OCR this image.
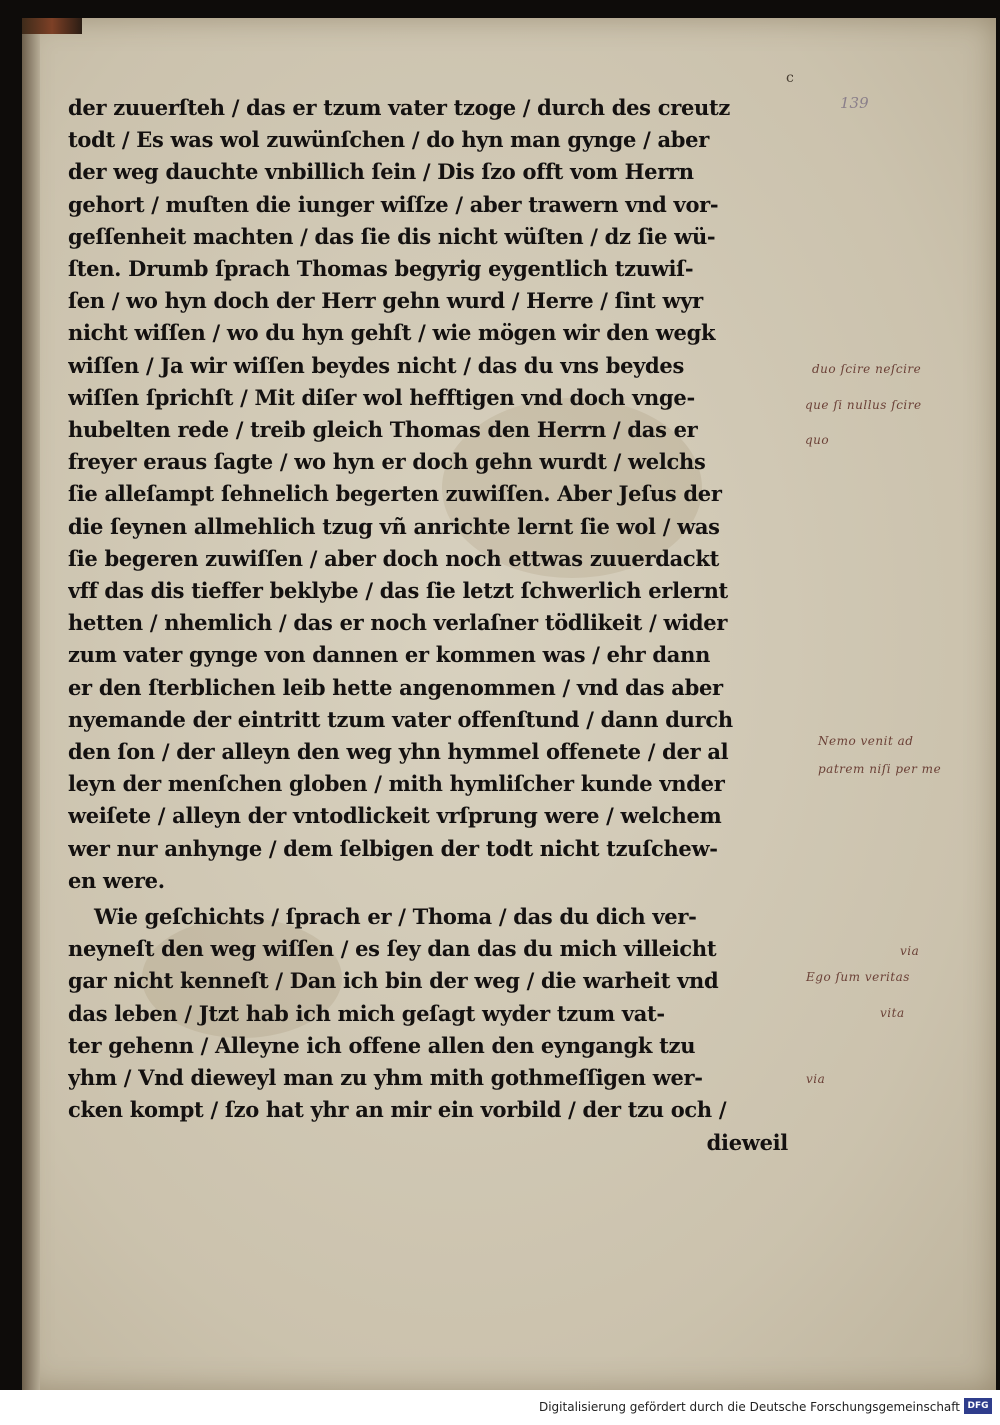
c
139
der zuuerſteh / das er tzum vater tzoge / durch des creutz
todt / Es was wol zuwünſchen / do hyn man gynge / aber
der weg dauchte vnbillich ſein / Dis ſzo offt vom Herrn
gehort / muſten die iunger wiſſze / aber trawern vnd vor-
geſſenheit machten / das ſie dis nicht wüſten / dz ſie wü-
ſten. Drumb ſprach Thomas begyrig eygentlich tzuwiſ-
ſen / wo hyn doch der Herr gehn wurd / Herre / ſint wyr
nicht wiſſen / wo du hyn gehſt / wie mögen wir den wegk
wiſſen / Ja wir wiſſen beydes nicht / das du vns beydes
wiſſen ſprichſt / Mit diſer wol hefftigen vnd doch vnge-
hubelten rede / treib gleich Thomas den Herrn / das er
freyer eraus ſagte / wo hyn er doch gehn wurdt / welchs
ſie alleſampt ſehnelich begerten zuwiſſen. Aber Jeſus der
die ſeynen allmehlich tzug vñ anrichte lernt ſie wol / was
ſie begeren zuwiſſen / aber doch noch ettwas zuuerdackt
vff das dis tieffer beklybe / das ſie letzt ſchwerlich erlernt
hetten / nhemlich / das er noch verlaſner tödlikeit / wider
zum vater gynge von dannen er kommen was / ehr dann
er den ſterblichen leib hette angenommen / vnd das aber
nyemande der eintritt tzum vater offenſtund / dann durch
den ſon / der alleyn den weg yhn hymmel offenete / der al
leyn der menſchen globen / mith hymliſcher kunde vnder
weiſete / alleyn der vntodlickeit vrſprung were / welchem
wer nur anhynge / dem ſelbigen der todt nicht tzuſchew-
en were.
Wie geſchichts / ſprach er / Thoma / das du dich ver-
neyneſt den weg wiſſen / es ſey dan das du mich villeicht
gar nicht kenneſt / Dan ich bin der weg / die warheit vnd
das leben / Jtzt hab ich mich geſagt wyder tzum vat-
ter gehenn / Alleyne ich offene allen den eyngangk tzu
yhm / Vnd dieweyl man zu yhm mith gothmeſſigen wer-
cken kompt / ſzo hat yhr an mir ein vorbild / der tzu och /
dieweil
duo ſcire neſcire
que ſi nullus ſcire
quo
Nemo venit ad
patrem niſi per me
via
Ego ſum veritas
vita
via
Digitalisierung gefördert durch die Deutsche Forschungsgemeinschaft DFG
